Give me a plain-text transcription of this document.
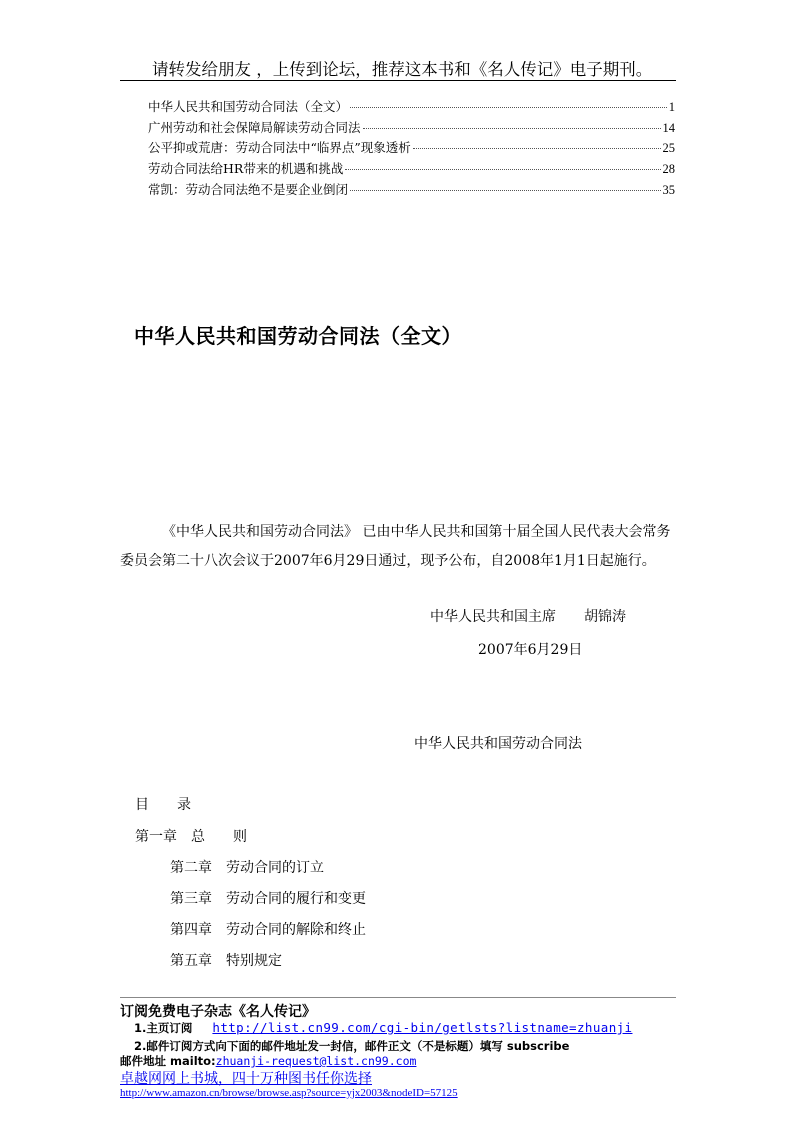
请转发给朋友 ，上传到论坛，推荐这本书和《名人传记》电子期刊。
中华人民共和国劳动合同法（全文）	1
广州劳动和社会保障局解读劳动合同法	14
公平抑或荒唐：劳动合同法中“临界点”现象透析	25
劳动合同法给HR带来的机遇和挑战	28
常凯：劳动合同法绝不是要企业倒闭	35
中华人民共和国劳动合同法（全文）
《中华人民共和国劳动合同法》 已由中华人民共和国第十届全国人民代表大会常务委员会第二十八次会议于2007年6月29日通过，现予公布，自2008年1月1日起施行。
中华人民共和国主席　　胡锦涛
2007年6月29日
中华人民共和国劳动合同法
目　　录
第一章　总　　则
第二章　劳动合同的订立
第三章　劳动合同的履行和变更
第四章　劳动合同的解除和终止
第五章　特别规定
订阅免费电子杂志《名人传记》
1.主页订阅 http://list.cn99.com/cgi-bin/getlsts?listname=zhuanji
2.邮件订阅方式向下面的邮件地址发一封信，邮件正文（不是标题）填写 subscribe
邮件地址 mailto:zhuanji-request@list.cn99.com
卓越网网上书城，四十万种图书任你选择
http://www.amazon.cn/browse/browse.asp?source=yjx2003&nodeID=57125
